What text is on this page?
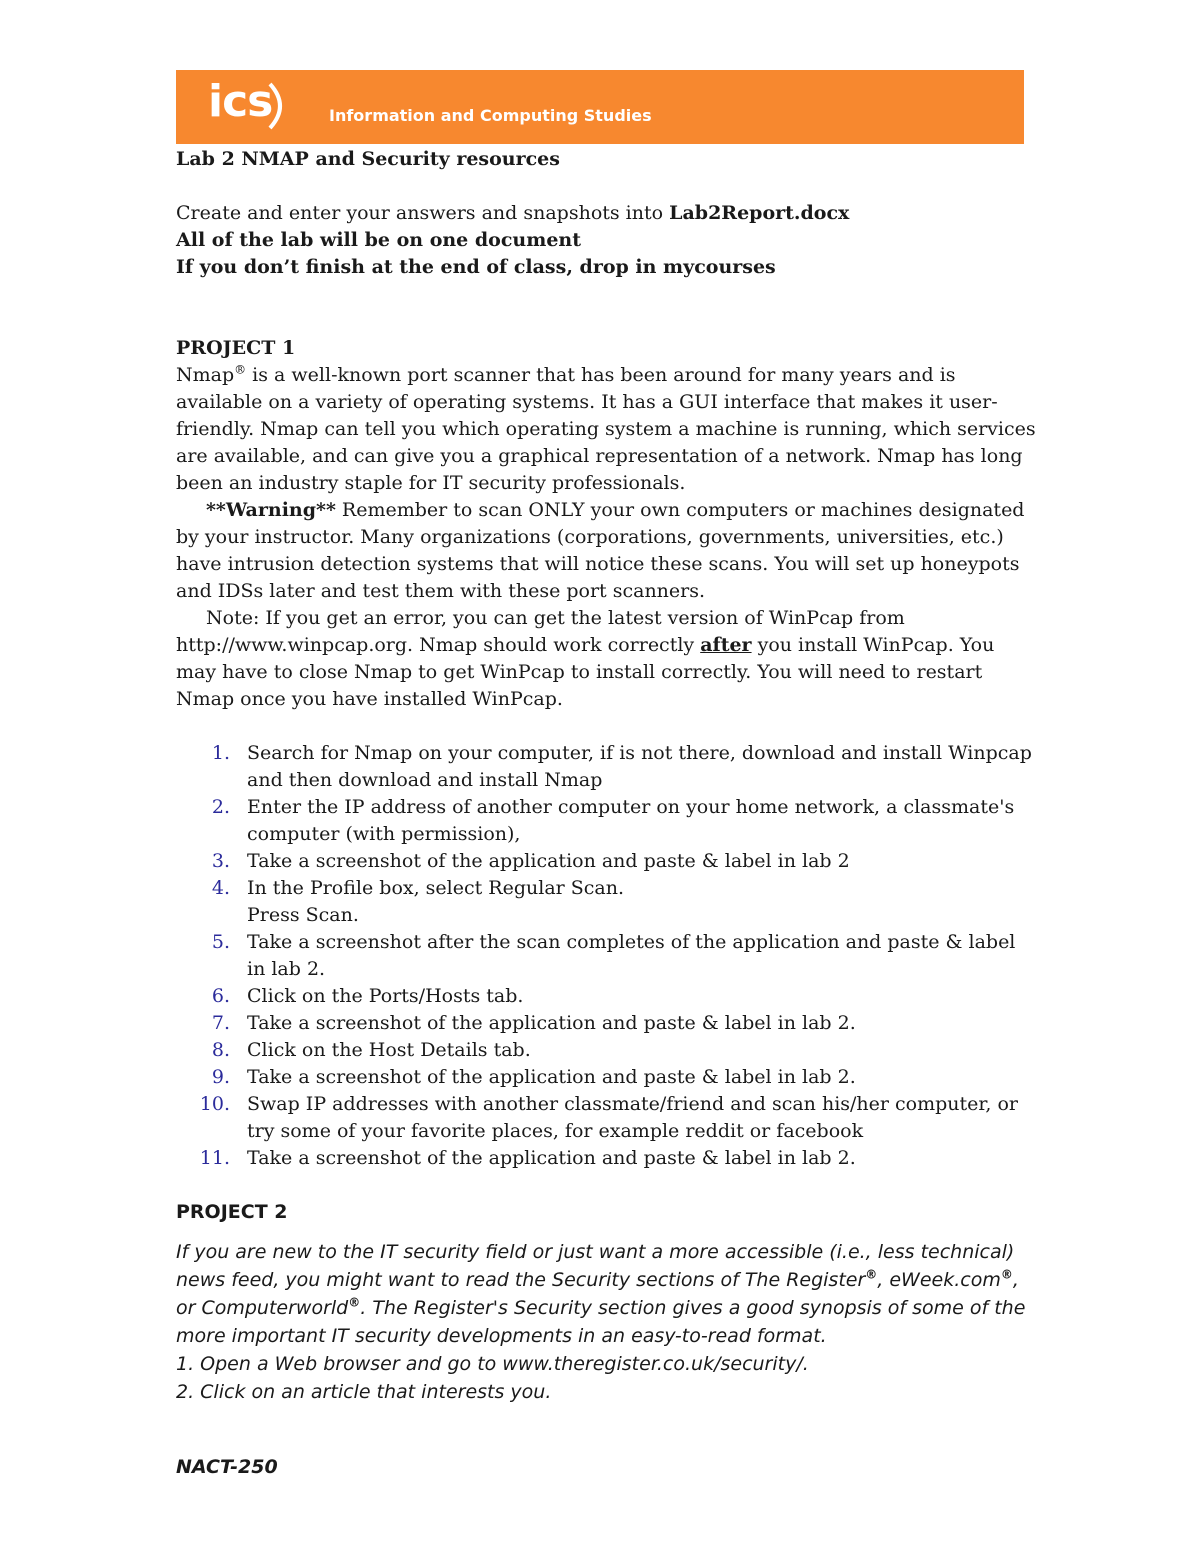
ics	Information and Computing Studies

Lab 2 NMAP and Security resources

Create and enter your answers and snapshots into Lab2Report.docx

All of the lab will be on one document

If you don’t finish at the end of class, drop in mycourses

PROJECT 1

Nmap® is a well-known port scanner that has been around for many years and is available on a variety of operating systems. It has a GUI interface that makes it user-friendly. Nmap can tell you which operating system a machine is running, which services are available, and can give you a graphical representation of a network. Nmap has long been an industry staple for IT security professionals.

**Warning** Remember to scan ONLY your own computers or machines designated by your instructor. Many organizations (corporations, governments, universities, etc.) have intrusion detection systems that will notice these scans. You will set up honeypots and IDSs later and test them with these port scanners.

Note: If you get an error, you can get the latest version of WinPcap from http://www.winpcap.org. Nmap should work correctly after you install WinPcap. You may have to close Nmap to get WinPcap to install correctly. You will need to restart Nmap once you have installed WinPcap.

1. Search for Nmap on your computer, if is not there, download and install Winpcap and then download and install Nmap
2. Enter the IP address of another computer on your home network, a classmate's computer (with permission),
3. Take a screenshot of the application and paste & label in lab 2
4. In the Profile box, select Regular Scan.
Press Scan.
5. Take a screenshot after the scan completes of the application and paste & label in lab 2.
6. Click on the Ports/Hosts tab.
7. Take a screenshot of the application and paste & label in lab 2.
8. Click on the Host Details tab.
9. Take a screenshot of the application and paste & label in lab 2.
10. Swap IP addresses with another classmate/friend and scan his/her computer, or try some of your favorite places, for example reddit or facebook
11. Take a screenshot of the application and paste & label in lab 2.

PROJECT 2

If you are new to the IT security field or just want a more accessible (i.e., less technical) news feed, you might want to read the Security sections of The Register®, eWeek.com®, or Computerworld®. The Register's Security section gives a good synopsis of some of the more important IT security developments in an easy-to-read format.
1. Open a Web browser and go to www.theregister.co.uk/security/.
2. Click on an article that interests you.

NACT-250
